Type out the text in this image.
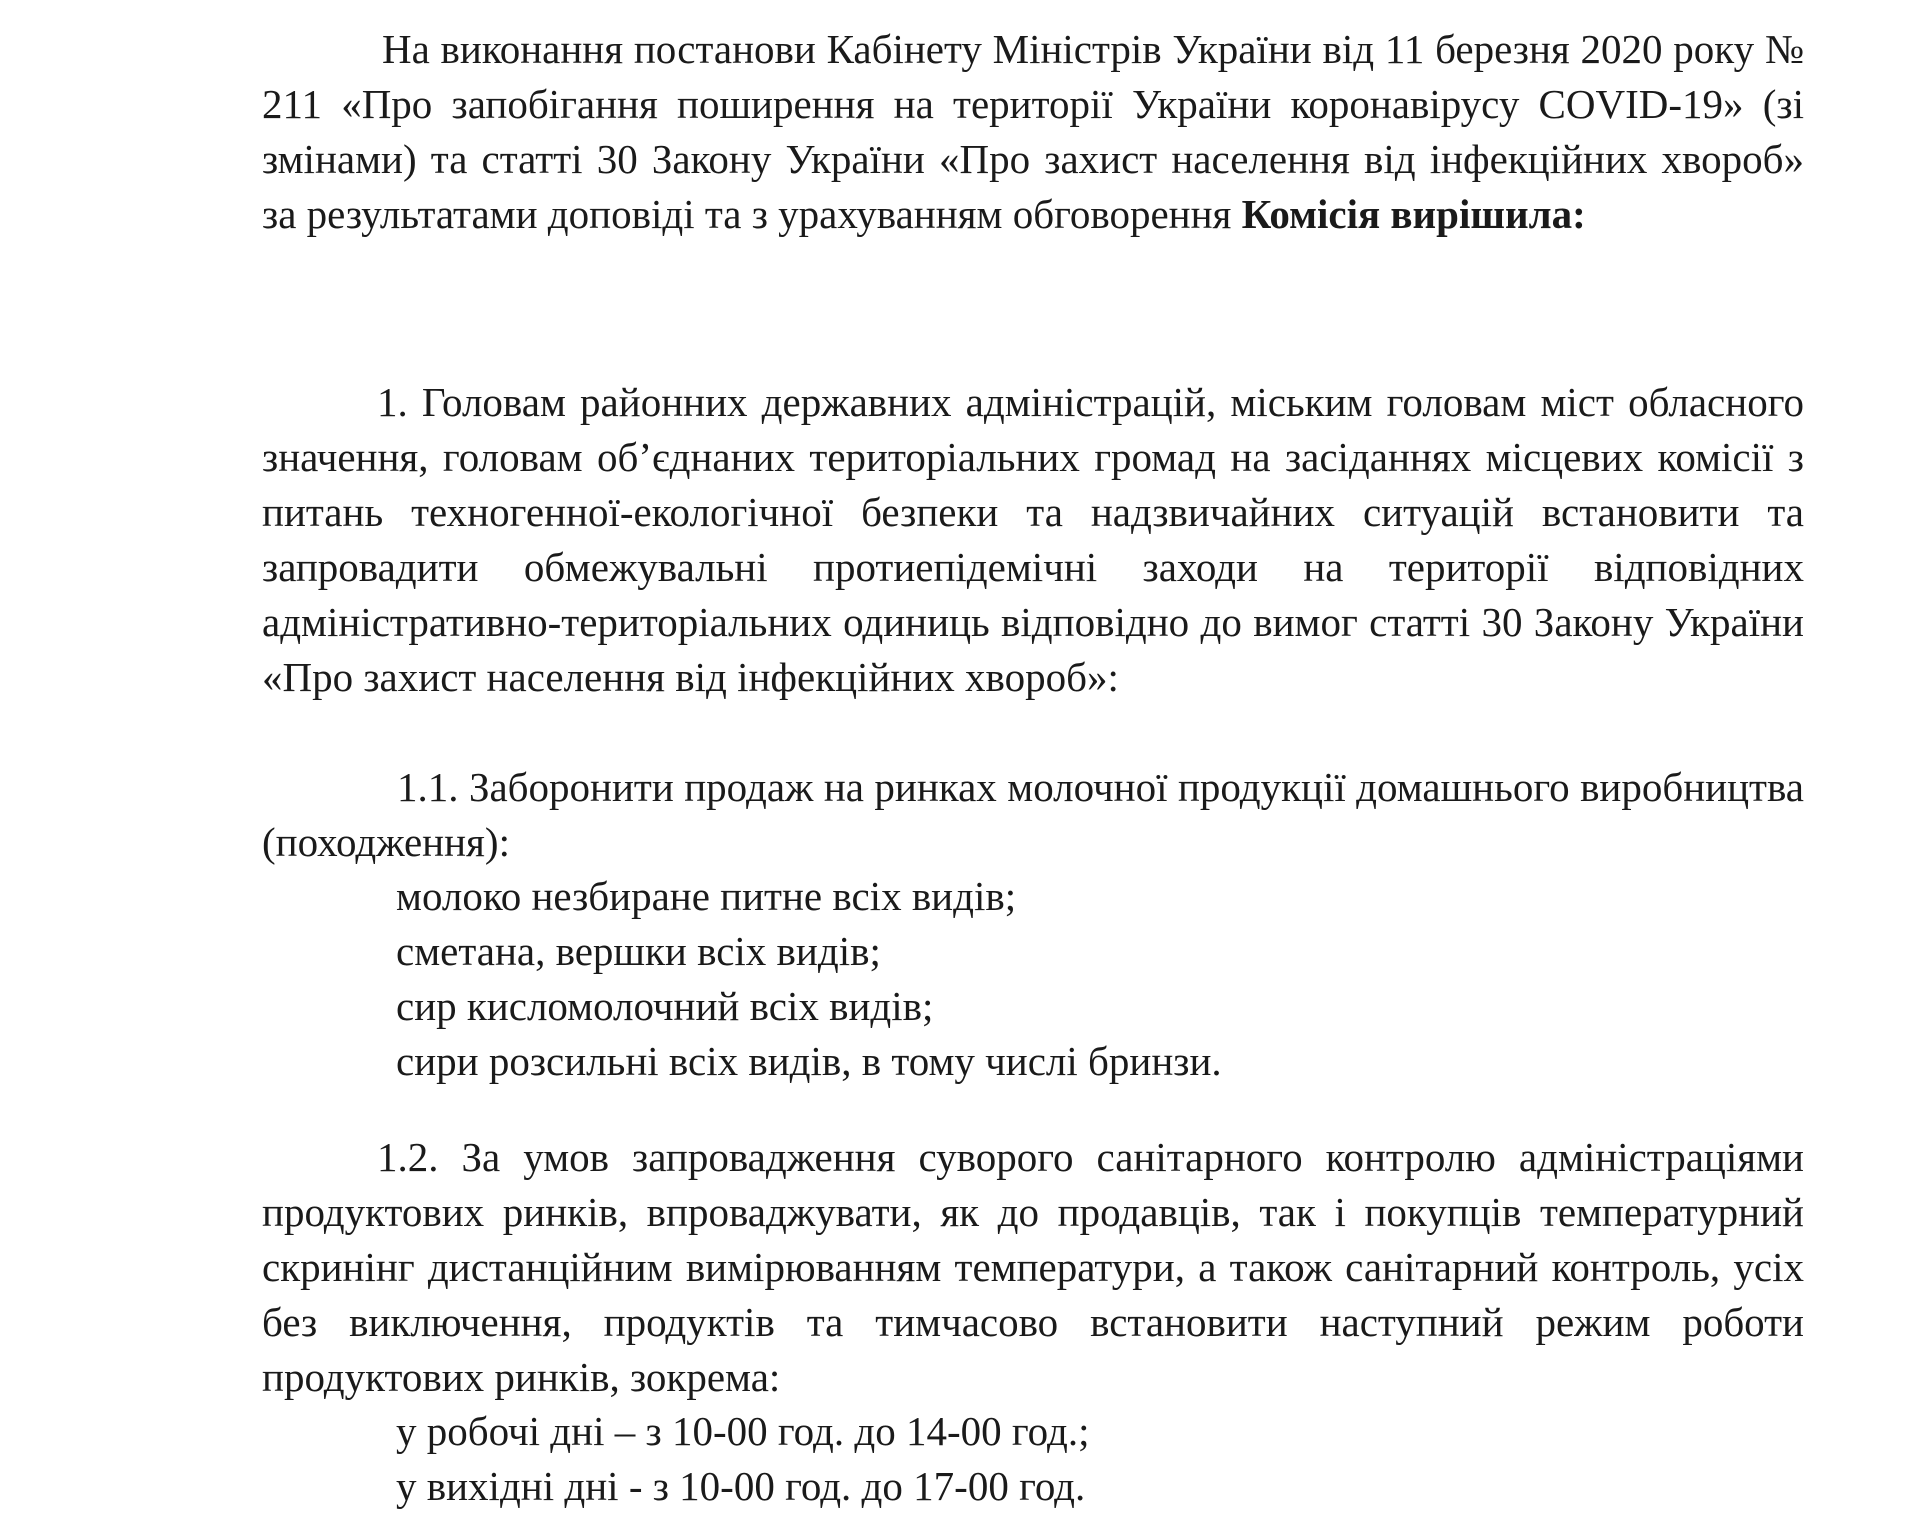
На виконання постанови Кабінету Міністрів України від 11 березня 2020 року № 211 «Про запобігання поширення на території України коронавірусу COVID-19» (зі змінами) та статті 30 Закону України «Про захист населення від інфекційних хвороб» за результатами доповіді та з урахуванням обговорення Комісія вирішила:

1. Головам районних державних адміністрацій, міським головам міст обласного значення, головам об’єднаних територіальних громад на засіданнях місцевих комісії з питань техногенної-екологічної безпеки та надзвичайних ситуацій встановити та запровадити обмежувальні протиепідемічні заходи на території відповідних адміністративно-територіальних одиниць відповідно до вимог статті 30 Закону України «Про захист населення від інфекційних хвороб»:

1.1. Заборонити продаж на ринках молочної продукції домашнього виробництва (походження):

молоко незбиране питне всіх видів;
сметана, вершки всіх видів;
сир кисломолочний всіх видів;
сири розсильні всіх видів, в тому числі бринзи.

1.2. За умов запровадження суворого санітарного контролю адміністраціями продуктових ринків, впроваджувати, як до продавців, так і покупців температурний скринінг дистанційним вимірюванням температури, а також санітарний контроль, усіх без виключення, продуктів та тимчасово встановити наступний режим роботи продуктових ринків, зокрема:

у робочі дні – з 10-00 год. до 14-00 год.;
у вихідні дні - з 10-00 год. до 17-00 год.
